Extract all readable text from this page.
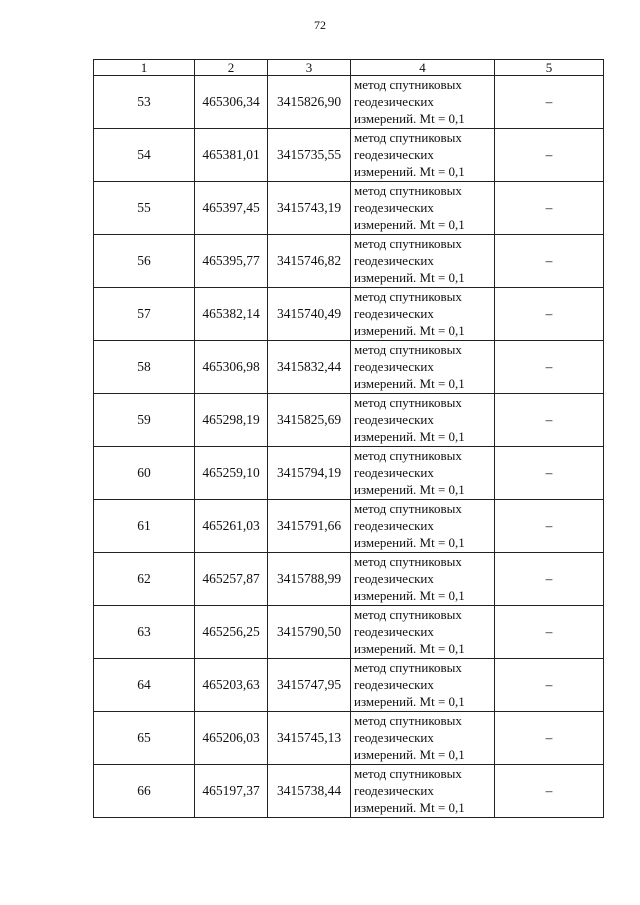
72
1	2	3	4	5
53	465306,34	3415826,90	метод спутниковых
геодезических
измерений. Mt = 0,1	–
54	465381,01	3415735,55	метод спутниковых
геодезических
измерений. Mt = 0,1	–
55	465397,45	3415743,19	метод спутниковых
геодезических
измерений. Mt = 0,1	–
56	465395,77	3415746,82	метод спутниковых
геодезических
измерений. Mt = 0,1	–
57	465382,14	3415740,49	метод спутниковых
геодезических
измерений. Mt = 0,1	–
58	465306,98	3415832,44	метод спутниковых
геодезических
измерений. Mt = 0,1	–
59	465298,19	3415825,69	метод спутниковых
геодезических
измерений. Mt = 0,1	–
60	465259,10	3415794,19	метод спутниковых
геодезических
измерений. Mt = 0,1	–
61	465261,03	3415791,66	метод спутниковых
геодезических
измерений. Mt = 0,1	–
62	465257,87	3415788,99	метод спутниковых
геодезических
измерений. Mt = 0,1	–
63	465256,25	3415790,50	метод спутниковых
геодезических
измерений. Mt = 0,1	–
64	465203,63	3415747,95	метод спутниковых
геодезических
измерений. Mt = 0,1	–
65	465206,03	3415745,13	метод спутниковых
геодезических
измерений. Mt = 0,1	–
66	465197,37	3415738,44	метод спутниковых
геодезических
измерений. Mt = 0,1	–
